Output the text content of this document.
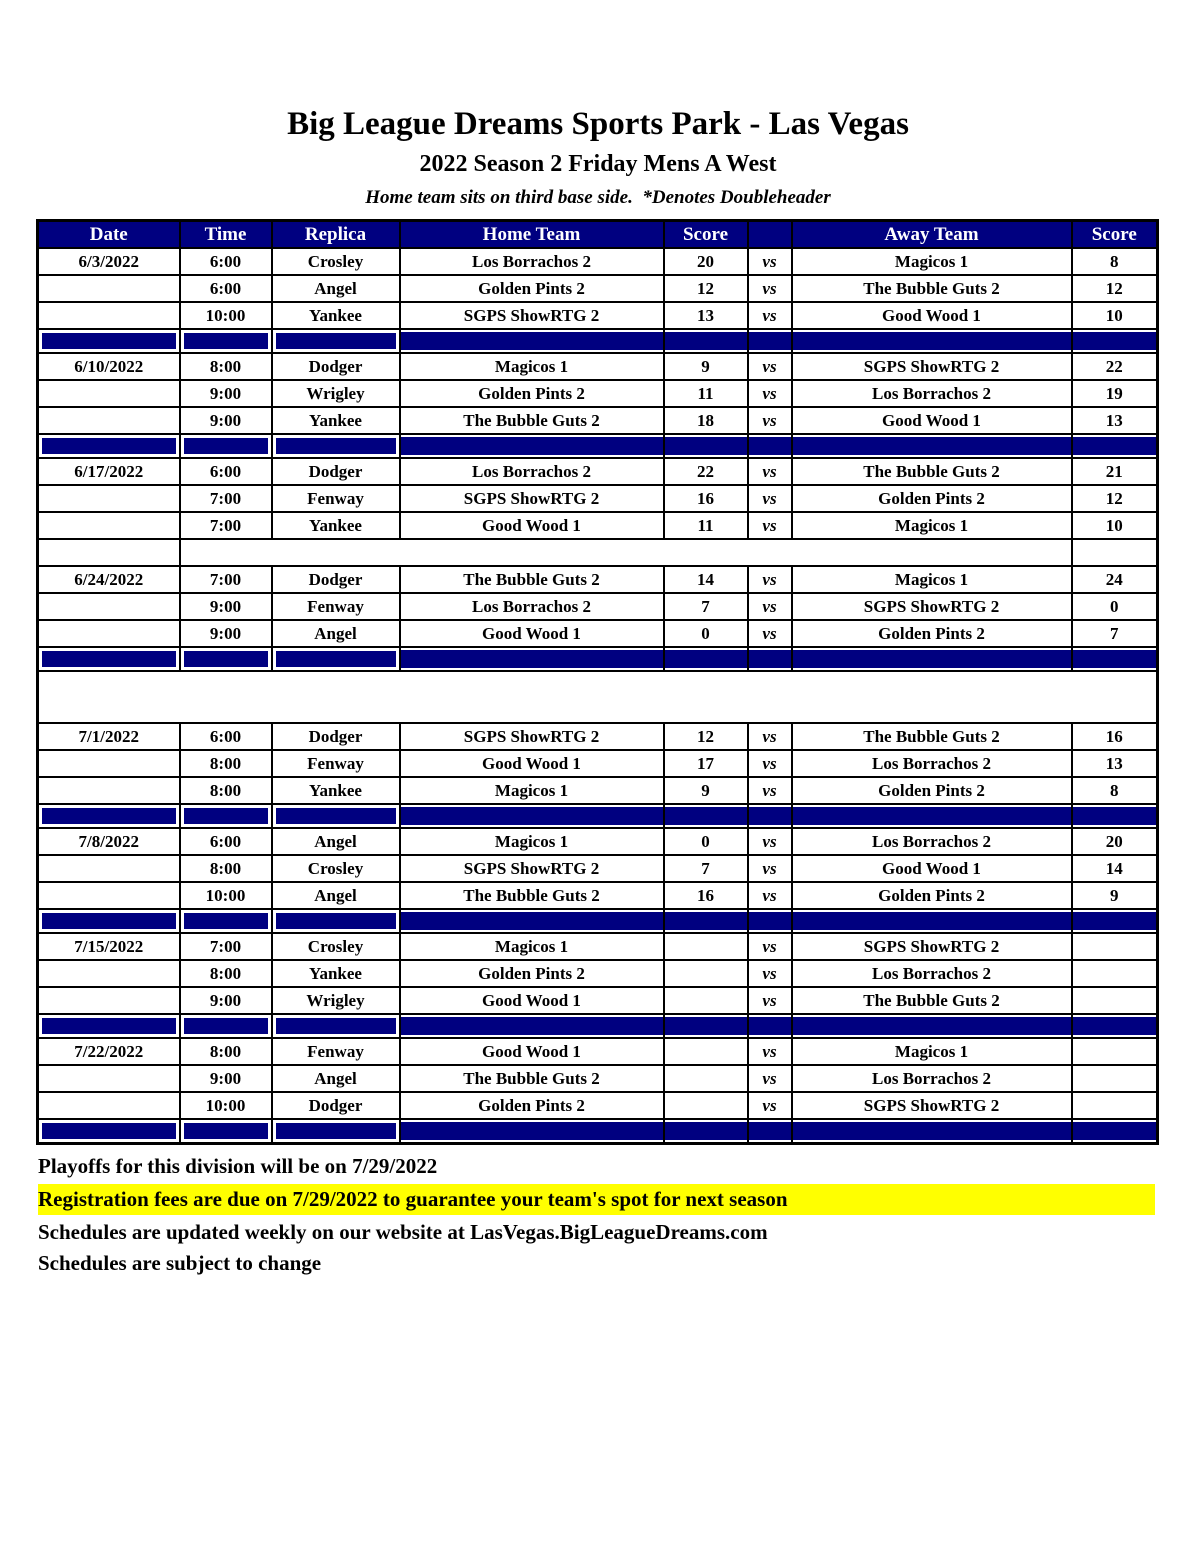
Big League Dreams Sports Park - Las Vegas
2022 Season 2 Friday Mens A West
Home team sits on third base side.  *Denotes Doubleheader
Date	Time	Replica	Home Team	Score		Away Team	Score
6/3/2022	6:00	Crosley	Los Borrachos 2	20	vs	Magicos 1	8
	6:00	Angel	Golden Pints 2	12	vs	The Bubble Guts 2	12
	10:00	Yankee	SGPS ShowRTG 2	13	vs	Good Wood 1	10

6/10/2022	8:00	Dodger	Magicos 1	9	vs	SGPS ShowRTG 2	22
	9:00	Wrigley	Golden Pints 2	11	vs	Los Borrachos 2	19
	9:00	Yankee	The Bubble Guts 2	18	vs	Good Wood 1	13

6/17/2022	6:00	Dodger	Los Borrachos 2	22	vs	The Bubble Guts 2	21
	7:00	Fenway	SGPS ShowRTG 2	16	vs	Golden Pints 2	12
	7:00	Yankee	Good Wood 1	11	vs	Magicos 1	10
	6/24 - All fees are due by the end of the night or games will be recorded as a forfeit						
6/24/2022	7:00	Dodger	The Bubble Guts 2	14	vs	Magicos 1	24
	9:00	Fenway	Los Borrachos 2	7	vs	SGPS ShowRTG 2	0
	9:00	Angel	Good Wood 1	0	vs	Golden Pints 2	7

7/1 -Rosters are frozen after tonight, only players with their names on the signed roster are eligible for playoffs.
Please check carefully as changes will not be made for omissions.							

7/1/2022	6:00	Dodger	SGPS ShowRTG 2	12	vs	The Bubble Guts 2	16
	8:00	Fenway	Good Wood 1	17	vs	Los Borrachos 2	13
	8:00	Yankee	Magicos 1	9	vs	Golden Pints 2	8

7/8/2022	6:00	Angel	Magicos 1	0	vs	Los Borrachos 2	20
	8:00	Crosley	SGPS ShowRTG 2	7	vs	Good Wood 1	14
	10:00	Angel	The Bubble Guts 2	16	vs	Golden Pints 2	9

7/15/2022	7:00	Crosley	Magicos 1		vs	SGPS ShowRTG 2	
	8:00	Yankee	Golden Pints 2		vs	Los Borrachos 2	
	9:00	Wrigley	Good Wood 1		vs	The Bubble Guts 2	

7/22/2022	8:00	Fenway	Good Wood 1		vs	Magicos 1	
	9:00	Angel	The Bubble Guts 2		vs	Los Borrachos 2	
	10:00	Dodger	Golden Pints 2		vs	SGPS ShowRTG 2	

Playoffs for this division will be on 7/29/2022
Registration fees are due on 7/29/2022 to guarantee your team's spot for next season
Schedules are updated weekly on our website at LasVegas.BigLeagueDreams.com
Schedules are subject to change
